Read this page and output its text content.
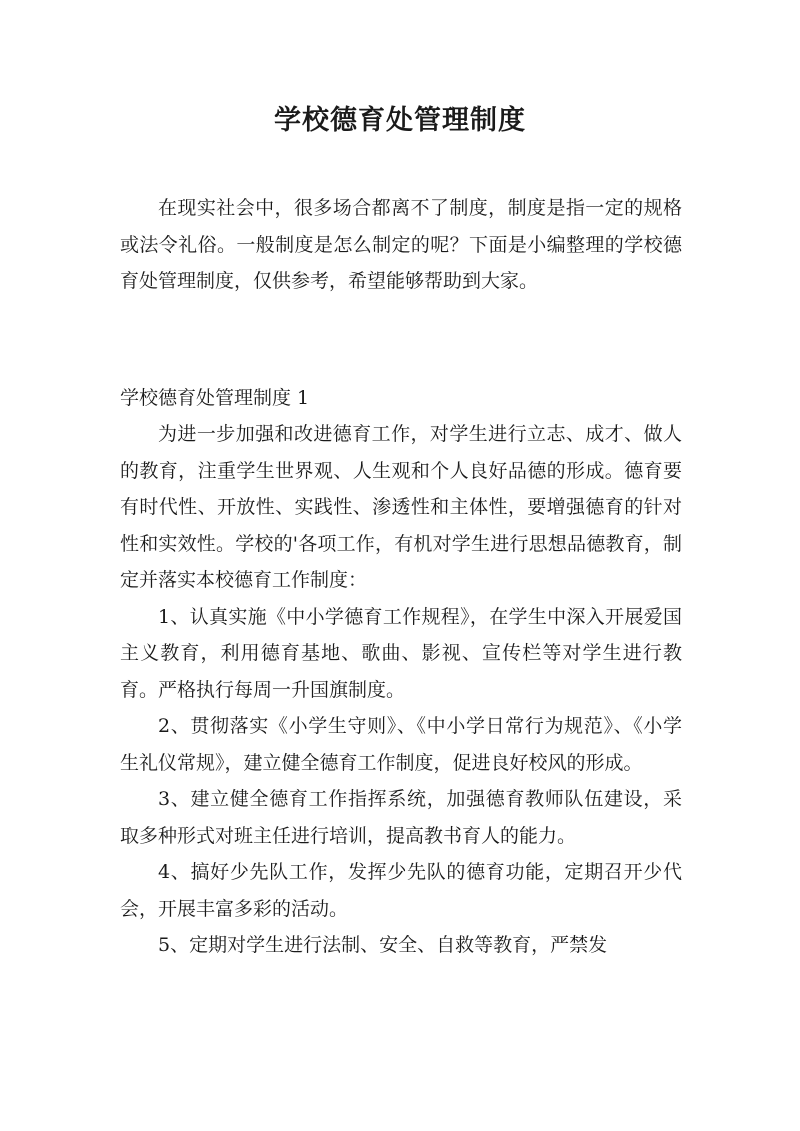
学校德育处管理制度

在现实社会中，很多场合都离不了制度，制度是指一定的规格或法令礼俗。一般制度是怎么制定的呢？下面是小编整理的学校德育处管理制度，仅供参考，希望能够帮助到大家。

学校德育处管理制度 1

为进一步加强和改进德育工作，对学生进行立志、成才、做人的教育，注重学生世界观、人生观和个人良好品德的形成。德育要有时代性、开放性、实践性、渗透性和主体性，要增强德育的针对性和实效性。学校的'各项工作，有机对学生进行思想品德教育，制定并落实本校德育工作制度：

1、认真实施《中小学德育工作规程》，在学生中深入开展爱国主义教育，利用德育基地、歌曲、影视、宣传栏等对学生进行教育。严格执行每周一升国旗制度。

2、贯彻落实《小学生守则》、《中小学日常行为规范》、《小学生礼仪常规》，建立健全德育工作制度，促进良好校风的形成。

3、建立健全德育工作指挥系统，加强德育教师队伍建设，采取多种形式对班主任进行培训，提高教书育人的能力。

4、搞好少先队工作，发挥少先队的德育功能，定期召开少代会，开展丰富多彩的活动。

5、定期对学生进行法制、安全、自救等教育，严禁发
